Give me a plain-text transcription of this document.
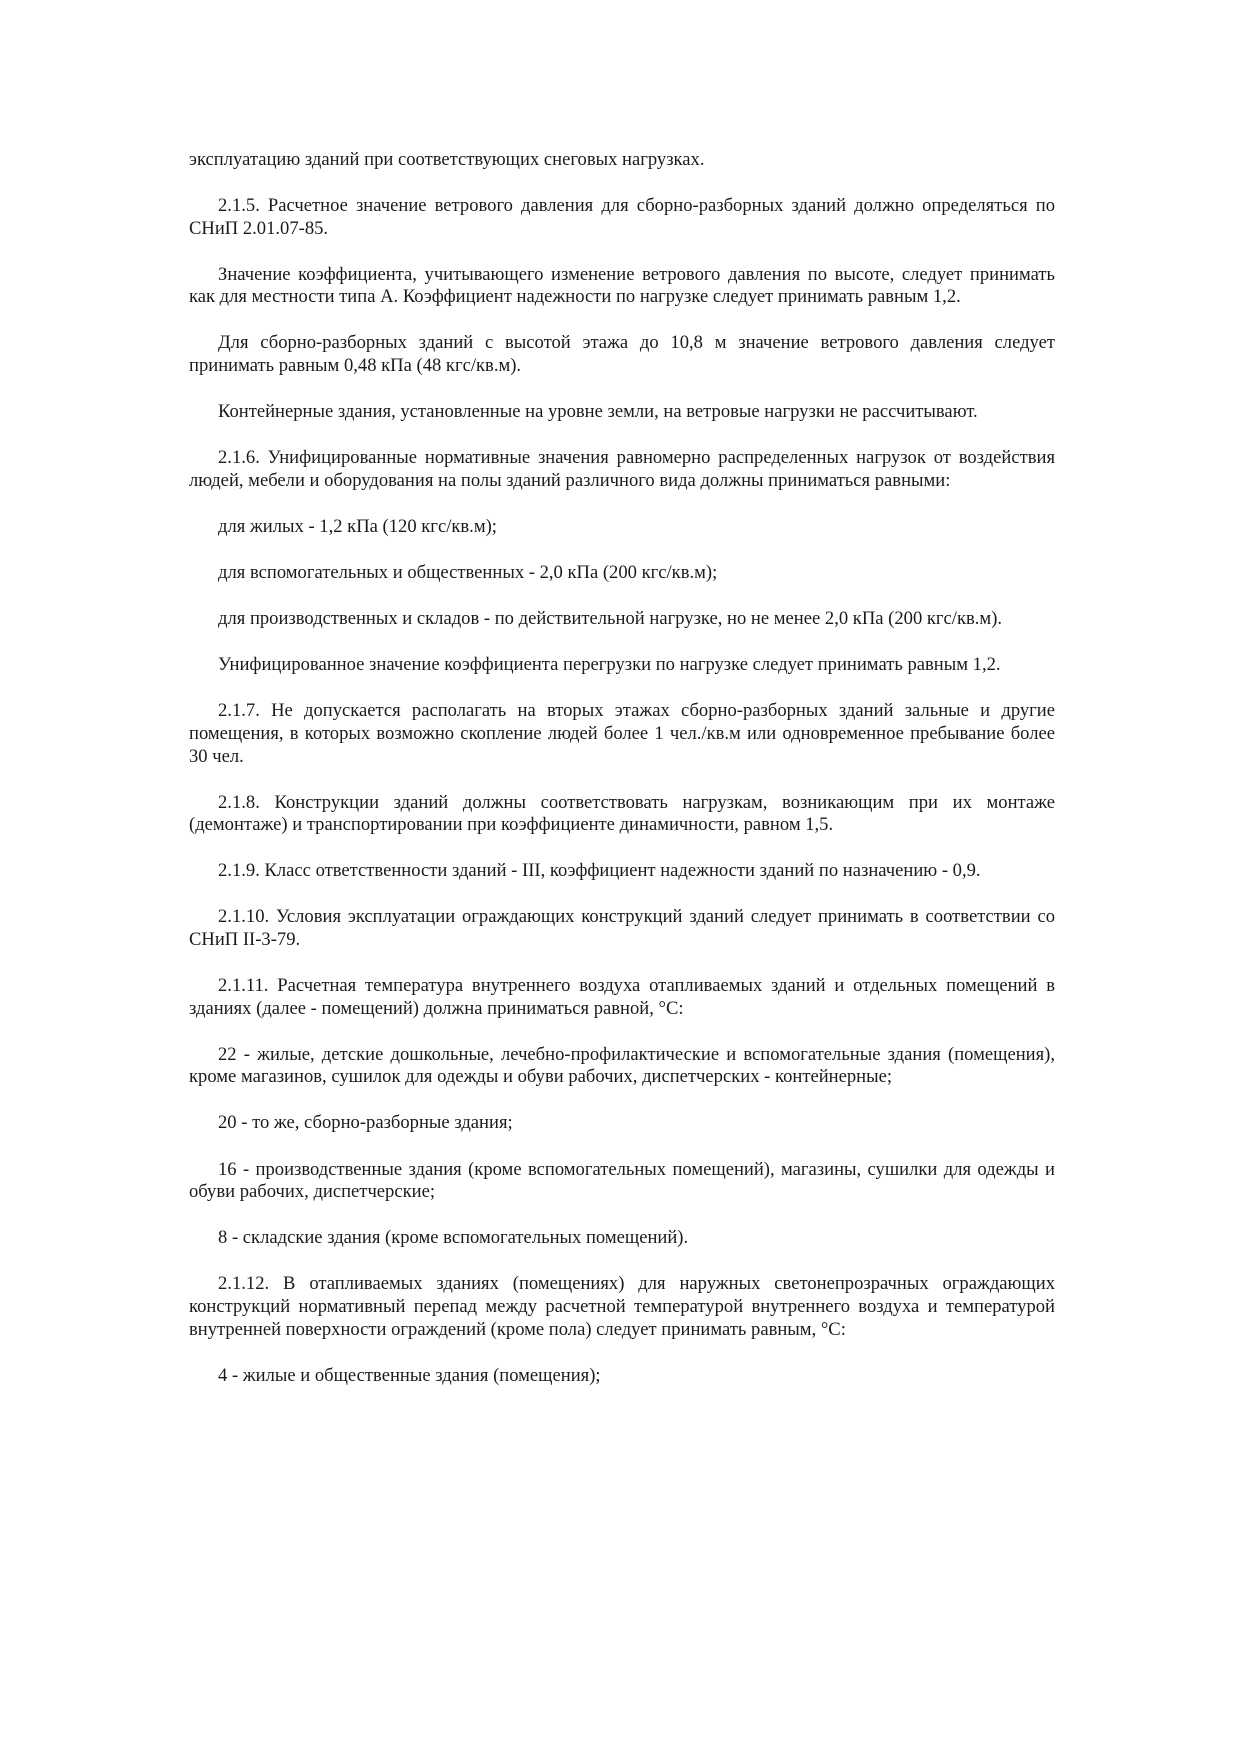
эксплуатацию зданий при соответствующих снеговых нагрузках.

2.1.5. Расчетное значение ветрового давления для сборно-разборных зданий должно определяться по СНиП 2.01.07-85.

Значение коэффициента, учитывающего изменение ветрового давления по высоте, следует принимать как для местности типа А. Коэффициент надежности по нагрузке следует принимать равным 1,2.

Для сборно-разборных зданий с высотой этажа до 10,8 м значение ветрового давления следует принимать равным 0,48 кПа (48 кгс/кв.м).

Контейнерные здания, установленные на уровне земли, на ветровые нагрузки не рассчитывают.

2.1.6. Унифицированные нормативные значения равномерно распределенных нагрузок от воздействия людей, мебели и оборудования на полы зданий различного вида должны приниматься равными:

для жилых - 1,2 кПа (120 кгс/кв.м);

для вспомогательных и общественных - 2,0 кПа (200 кгс/кв.м);

для производственных и складов - по действительной нагрузке, но не менее 2,0 кПа (200 кгс/кв.м).

Унифицированное значение коэффициента перегрузки по нагрузке следует принимать равным 1,2.

2.1.7. Не допускается располагать на вторых этажах сборно-разборных зданий зальные и другие помещения, в которых возможно скопление людей более 1 чел./кв.м или одновременное пребывание более 30 чел.

2.1.8. Конструкции зданий должны соответствовать нагрузкам, возникающим при их монтаже (демонтаже) и транспортировании при коэффициенте динамичности, равном 1,5.

2.1.9. Класс ответственности зданий - III, коэффициент надежности зданий по назначению - 0,9.

2.1.10. Условия эксплуатации ограждающих конструкций зданий следует принимать в соответствии со СНиП II-3-79.

2.1.11. Расчетная температура внутреннего воздуха отапливаемых зданий и отдельных помещений в зданиях (далее - помещений) должна приниматься равной, °С:

22 - жилые, детские дошкольные, лечебно-профилактические и вспомогательные здания (помещения), кроме магазинов, сушилок для одежды и обуви рабочих, диспетчерских - контейнерные;

20 - то же, сборно-разборные здания;

16 - производственные здания (кроме вспомогательных помещений), магазины, сушилки для одежды и обуви рабочих, диспетчерские;

8 - складские здания (кроме вспомогательных помещений).

2.1.12. В отапливаемых зданиях (помещениях) для наружных светонепрозрачных ограждающих конструкций нормативный перепад между расчетной температурой внутреннего воздуха и температурой внутренней поверхности ограждений (кроме пола) следует принимать равным, °С:

4 - жилые и общественные здания (помещения);
